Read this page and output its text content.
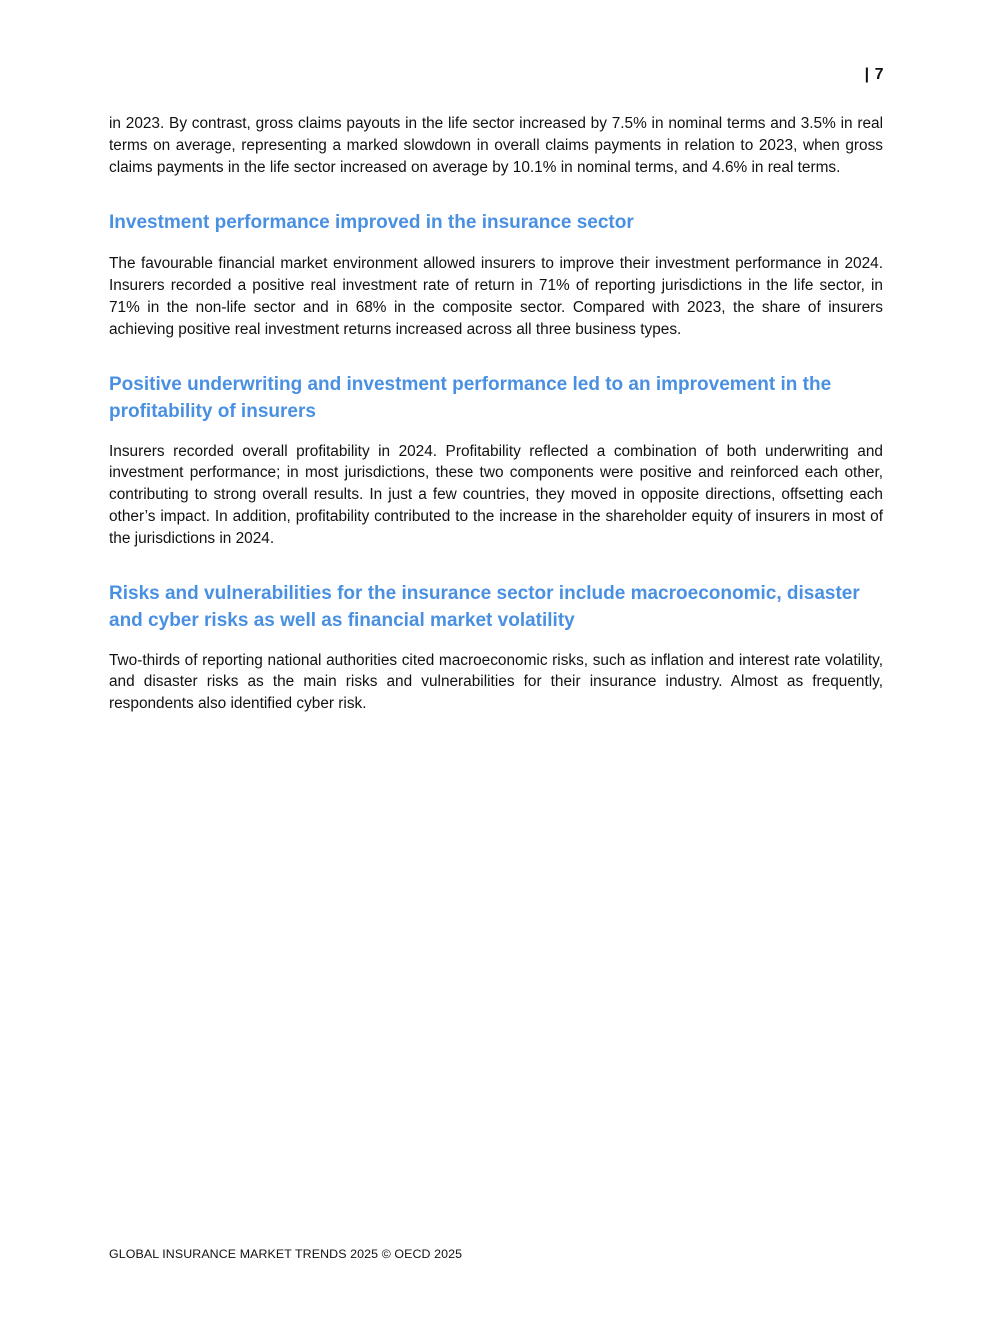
| 7

in 2023. By contrast, gross claims payouts in the life sector increased by 7.5% in nominal terms and 3.5% in real terms on average, representing a marked slowdown in overall claims payments in relation to 2023, when gross claims payments in the life sector increased on average by 10.1% in nominal terms, and 4.6% in real terms.

Investment performance improved in the insurance sector

The favourable financial market environment allowed insurers to improve their investment performance in 2024. Insurers recorded a positive real investment rate of return in 71% of reporting jurisdictions in the life sector, in 71% in the non-life sector and in 68% in the composite sector. Compared with 2023, the share of insurers achieving positive real investment returns increased across all three business types.

Positive underwriting and investment performance led to an improvement in the profitability of insurers

Insurers recorded overall profitability in 2024. Profitability reflected a combination of both underwriting and investment performance; in most jurisdictions, these two components were positive and reinforced each other, contributing to strong overall results. In just a few countries, they moved in opposite directions, offsetting each other’s impact. In addition, profitability contributed to the increase in the shareholder equity of insurers in most of the jurisdictions in 2024.

Risks and vulnerabilities for the insurance sector include macroeconomic, disaster and cyber risks as well as financial market volatility

Two-thirds of reporting national authorities cited macroeconomic risks, such as inflation and interest rate volatility, and disaster risks as the main risks and vulnerabilities for their insurance industry. Almost as frequently, respondents also identified cyber risk.

GLOBAL INSURANCE MARKET TRENDS 2025 © OECD 2025
